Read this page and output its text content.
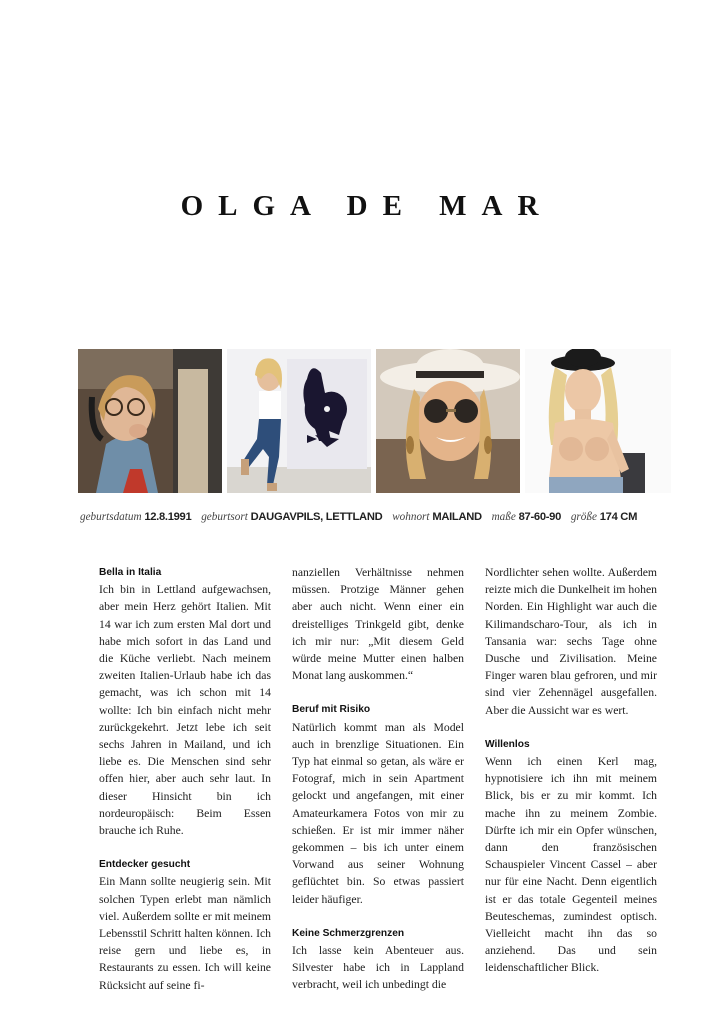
OLGA DE MAR
geburtsdatum 12.8.1991 geburtsort DAUGAVPILS, LETTLAND wohnort MAILAND maße 87-60-90 größe 174 CM
Bella in Italia

Ich bin in Lettland aufgewachsen, aber mein Herz gehört Italien. Mit 14 war ich zum ersten Mal dort und habe mich sofort in das Land und die Küche verliebt. Nach meinem zweiten Italien-Urlaub habe ich das gemacht, was ich schon mit 14 wollte: Ich bin einfach nicht mehr zurückgekehrt. Jetzt lebe ich seit sechs Jahren in Mailand, und ich liebe es. Die Menschen sind sehr offen hier, aber auch sehr laut. In dieser Hinsicht bin ich nordeuropäisch: Beim Essen brauche ich Ruhe.

Entdecker gesucht

Ein Mann sollte neugierig sein. Mit solchen Typen erlebt man nämlich viel. Außerdem sollte er mit meinem Lebensstil Schritt halten können. Ich reise gern und liebe es, in Restaurants zu essen. Ich will keine Rücksicht auf seine fi-

nanziellen Verhältnisse nehmen müssen. Protzige Männer gehen aber auch nicht. Wenn einer ein dreistelliges Trinkgeld gibt, denke ich mir nur: „Mit diesem Geld würde meine Mutter einen halben Monat lang auskommen.“

Beruf mit Risiko

Natürlich kommt man als Model auch in brenzlige Situationen. Ein Typ hat einmal so getan, als wäre er Fotograf, mich in sein Apartment gelockt und angefangen, mit einer Amateurkamera Fotos von mir zu schießen. Er ist mir immer näher gekommen – bis ich unter einem Vorwand aus seiner Wohnung geflüchtet bin. So etwas passiert leider häufiger.

Keine Schmerzgrenzen

Ich lasse kein Abenteuer aus. Silvester habe ich in Lappland verbracht, weil ich unbedingt die

Nordlichter sehen wollte. Außerdem reizte mich die Dunkelheit im hohen Norden. Ein Highlight war auch die Kilimandscharo-Tour, als ich in Tansania war: sechs Tage ohne Dusche und Zivilisation. Meine Finger waren blau gefroren, und mir sind vier Zehennägel ausgefallen. Aber die Aussicht war es wert.

Willenlos

Wenn ich einen Kerl mag, hypnotisiere ich ihn mit meinem Blick, bis er zu mir kommt. Ich mache ihn zu meinem Zombie. Dürfte ich mir ein Opfer wünschen, dann den französischen Schauspieler Vincent Cassel – aber nur für eine Nacht. Denn eigentlich ist er das totale Gegenteil meines Beuteschemas, zumindest optisch. Vielleicht macht ihn das so anziehend. Das und sein leidenschaftlicher Blick.
